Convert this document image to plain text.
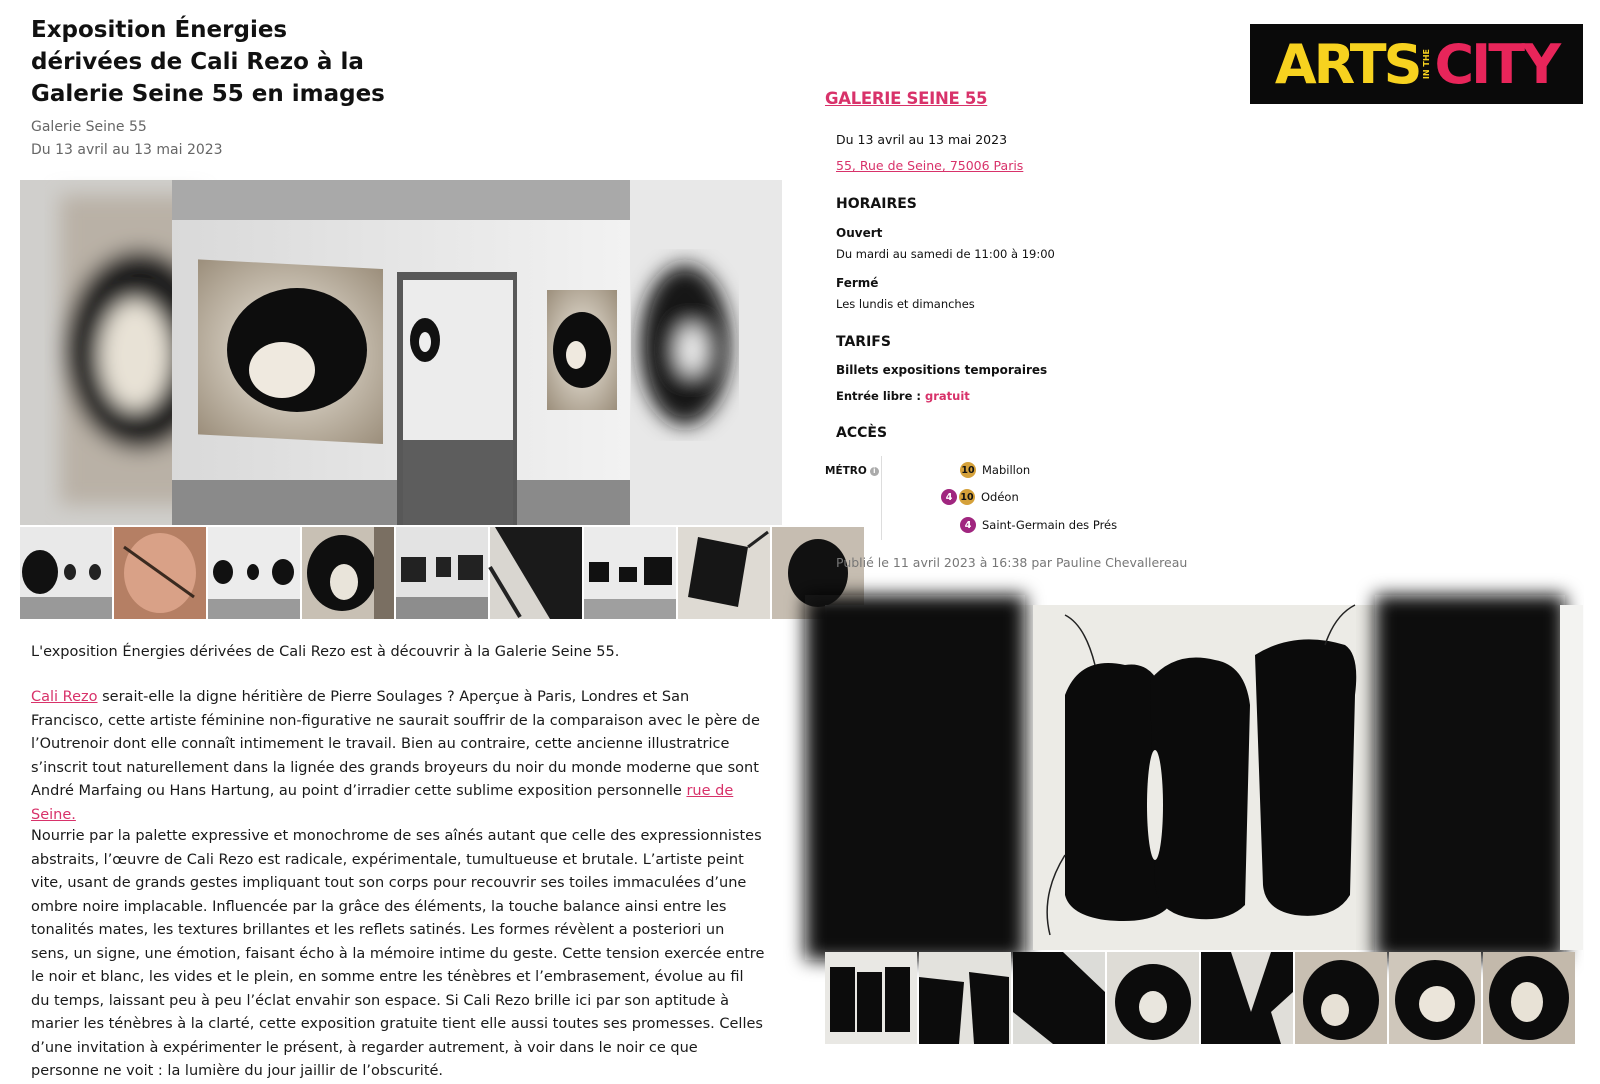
Exposition Énergies dérivées de Cali Rezo à la Galerie Seine 55 en images
Galerie Seine 55
Du 13 avril au 13 mai 2023

L'exposition Énergies dérivées de Cali Rezo est à découvrir à la Galerie Seine 55.

Cali Rezo serait-elle la digne héritière de Pierre Soulages ? Aperçue à Paris, Londres et San Francisco, cette artiste féminine non-figurative ne saurait souffrir de la comparaison avec le père de l’Outrenoir dont elle connaît intimement le travail. Bien au contraire, cette ancienne illustratrice s’inscrit tout naturellement dans la lignée des grands broyeurs du noir du monde moderne que sont André Marfaing ou Hans Hartung, au point d’irradier cette sublime exposition personnelle rue de Seine.

Nourrie par la palette expressive et monochrome de ses aînés autant que celle des expressionnistes abstraits, l’œuvre de Cali Rezo est radicale, expérimentale, tumultueuse et brutale. L’artiste peint vite, usant de grands gestes impliquant tout son corps pour recouvrir ses toiles immaculées d’une ombre noire implacable. Influencée par la grâce des éléments, la touche balance ainsi entre les tonalités mates, les textures brillantes et les reflets satinés. Les formes révèlent a posteriori un sens, un signe, une émotion, faisant écho à la mémoire intime du geste. Cette tension exercée entre le noir et blanc, les vides et le plein, en somme entre les ténèbres et l’embrasement, évolue au fil du temps, laissant peu à peu l’éclat envahir son espace. Si Cali Rezo brille ici par son aptitude à marier les ténèbres à la clarté, cette exposition gratuite tient elle aussi toutes ses promesses. Celles d’une invitation à expérimenter le présent, à regarder autrement, à voir dans le noir ce que personne ne voit : la lumière du jour jaillir de l’obscurité.

ARTS IN THE CITY
GALERIE SEINE 55
Du 13 avril au 13 mai 2023
55, Rue de Seine, 75006 Paris
HORAIRES
Ouvert
Du mardi au samedi de 11:00 à 19:00
Fermé
Les lundis et dimanches
TARIFS
Billets expositions temporaires
Entrée libre : gratuit
ACCÈS
MÉTRO i	10 Mabillon
4 10 Odéon
4 Saint-Germain des Prés
Publié le 11 avril 2023 à 16:38 par Pauline Chevallereau
